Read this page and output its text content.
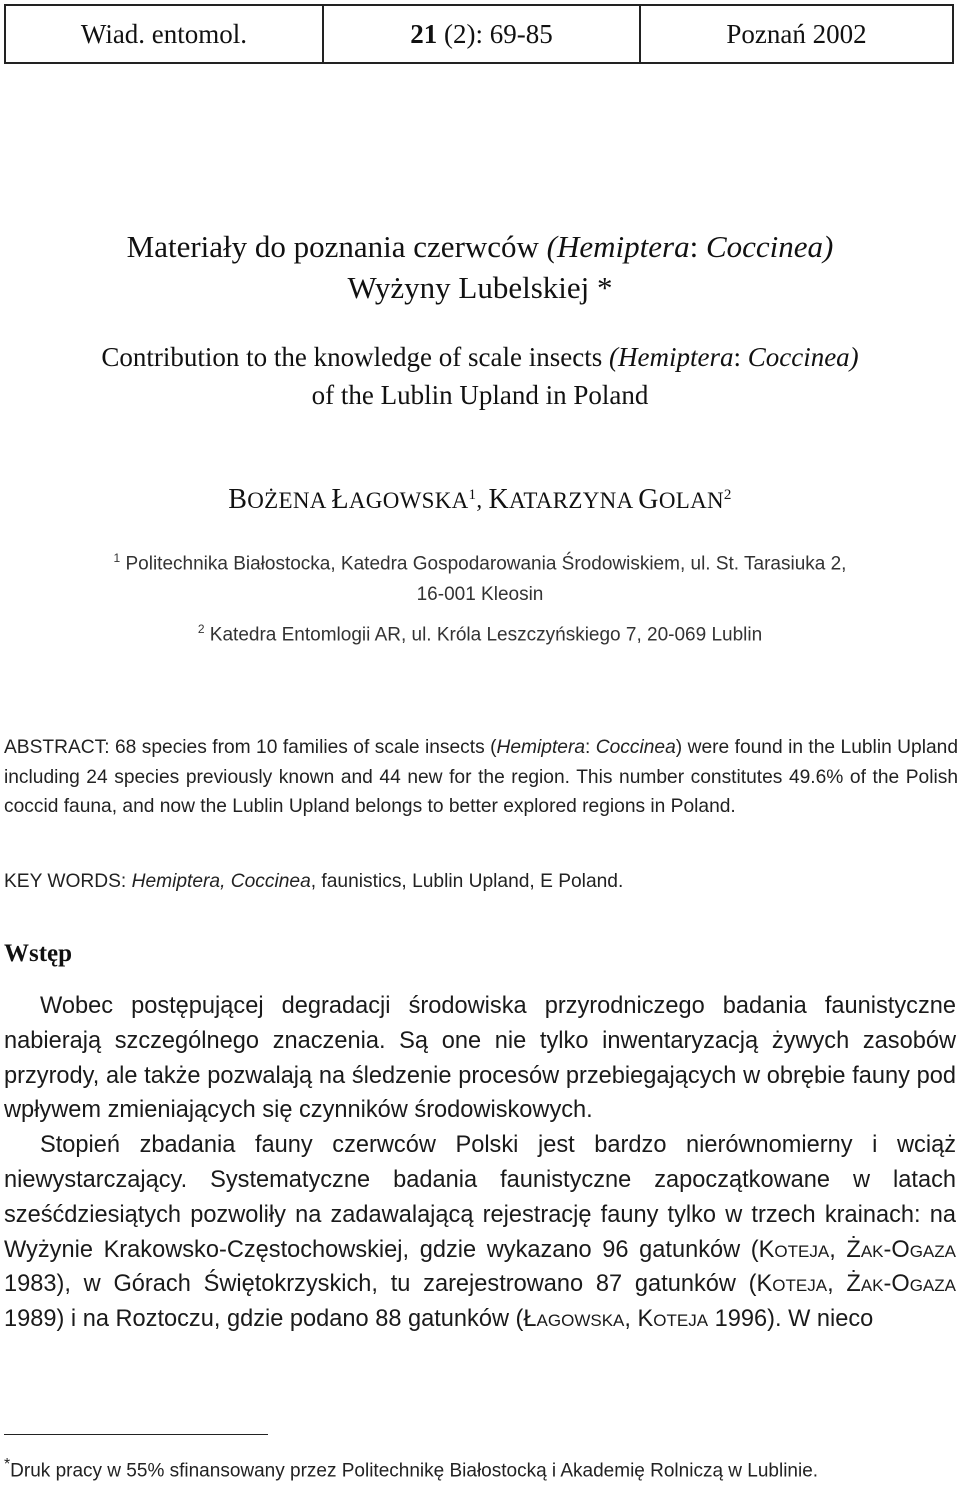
Wiad. entomol.	21
(2): 69-85	Poznań 2002
Materiały do poznania czerwców (Hemiptera: Coccinea)
Wyżyny Lubelskiej *
Contribution to the knowledge of scale insects (Hemiptera: Coccinea)
of the Lublin Upland in Poland
BOŻENA ŁAGOWSKA$^1$, KATARZYNA GOLAN$^2$
$^1$ Politechnika Białostocka, Katedra Gospodarowania Środowiskiem, ul. St. Tarasiuka 2,
16-001 Kleosin
$^2$ Katedra Entomlogii AR, ul. Króla Leszczyńskiego 7, 20-069 Lublin

ABSTRACT: 68 species from 10 families of scale insects (Hemiptera: Coccinea) were found in the Lublin Upland including 24 species previously known and 44 new for the region. This number constitutes 49.6% of the Polish coccid fauna, and now the Lublin Upland belongs to better explored regions in Poland.

KEY WORDS: Hemiptera, Coccinea, faunistics, Lublin Upland, E Poland.
Wstęp

Wobec postępującej degradacji środowiska przyrodniczego badania faunistyczne nabierają szczególnego znaczenia. Są one nie tylko inwentaryzacją żywych zasobów przyrody, ale także pozwalają na śledzenie procesów przebiegających w obrębie fauny pod wpływem zmieniających się czynników środowiskowych.

Stopień zbadania fauny czerwców Polski jest bardzo nierównomierny i wciąż niewystarczający. Systematyczne badania faunistyczne zapoczątkowane w latach sześćdziesiątych pozwoliły na zadawalającą rejestrację fauny tylko w trzech krainach: na Wyżynie Krakowsko-Częstochowskiej, gdzie wykazano 96 gatunków (Koteja, Żak-Ogaza 1983), w Górach Świętokrzyskich, tu zarejestrowano 87 gatunków (Koteja, Żak-Ogaza 1989) i na Roztoczu, gdzie podano 88 gatunków (Łagowska, Koteja 1996). W nieco

*Druk pracy w 55% sfinansowany przez Politechnikę Białostocką i Akademię Rolniczą w Lublinie.
